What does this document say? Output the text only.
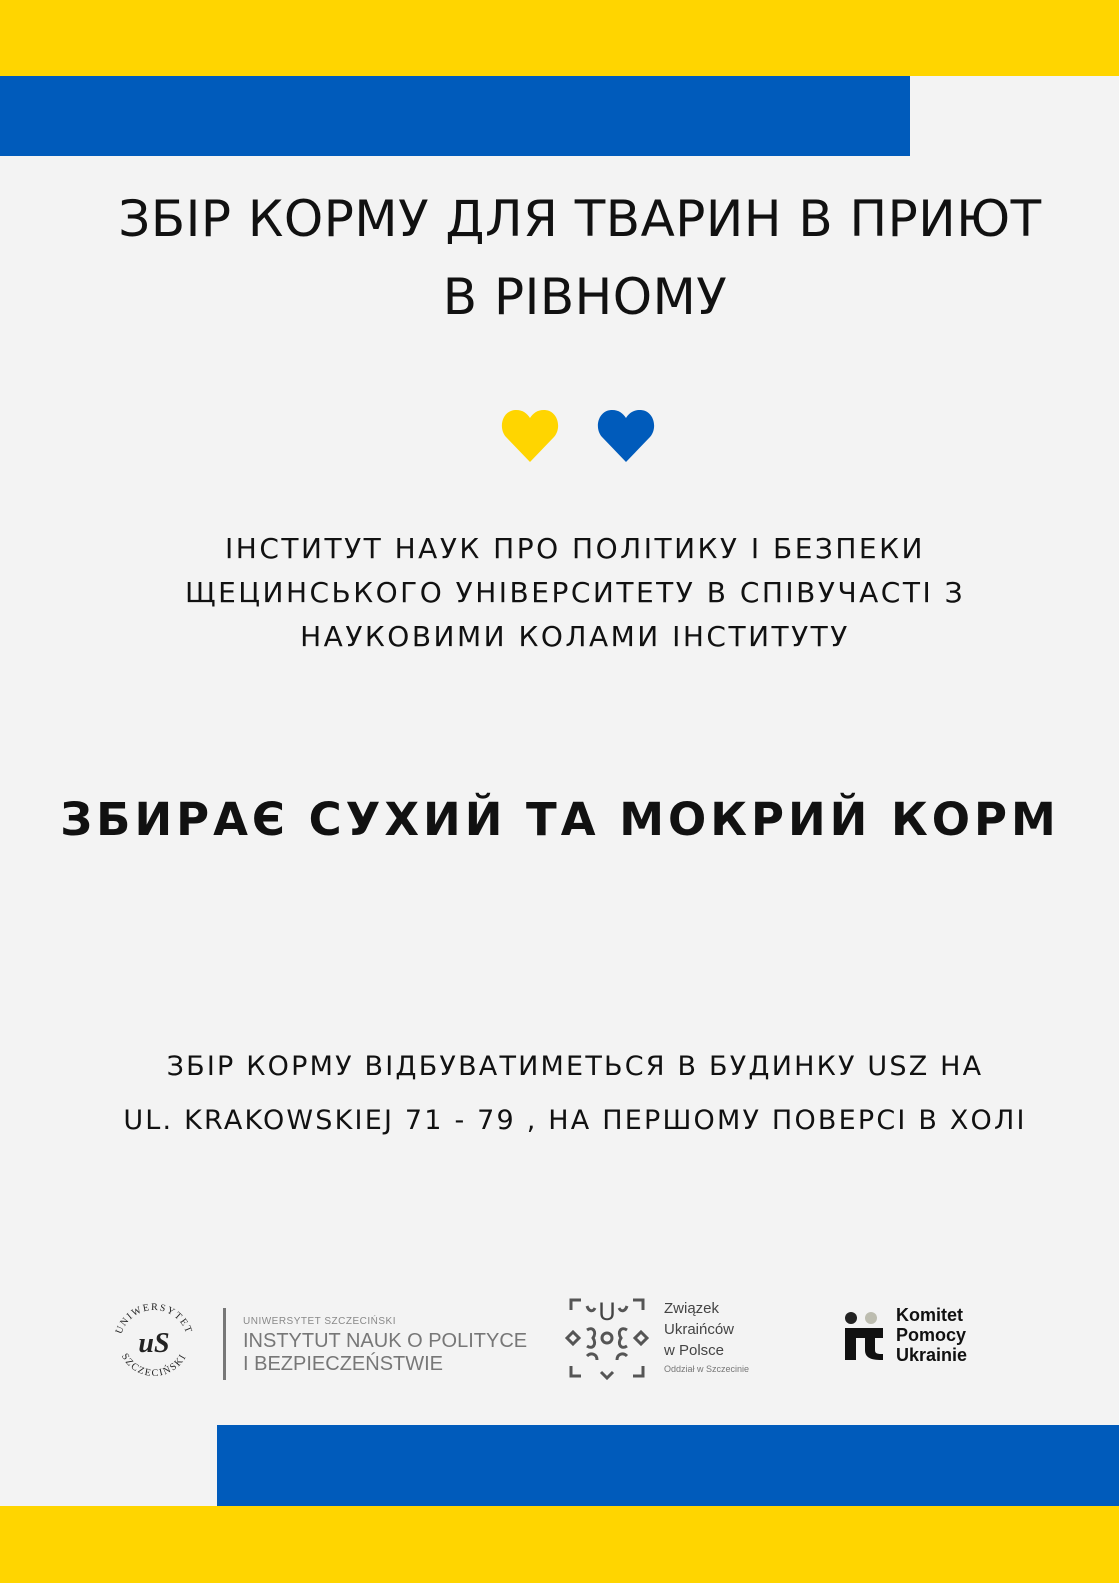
ЗБІР КОРМУ ДЛЯ ТВАРИН В ПРИЮТ
В РІВНОМУ

ІНСТИТУТ НАУК ПРО ПОЛІТИКУ І БЕЗПЕКИ
ЩЕЦИНСЬКОГО УНІВЕРСИТЕТУ В СПІВУЧАСТІ З
НАУКОВИМИ КОЛАМИ ІНСТИТУТУ

ЗБИРАЄ СУХИЙ ТА МОКРИЙ КОРМ

ЗБІР КОРМУ ВІДБУВАТИМЕТЬСЯ В БУДИНКУ USZ НА
UL. KRAKOWSKIEJ 71 - 79 , НА ПЕРШОМУ ПОВЕРСІ В ХОЛІ

UNIWERSYTET
SZCZECIŃSKI
uS
UNIWERSYTET SZCZECIŃSKI
INSTYTUT NAUK O POLITYCE
I BEZPIECZEŃSTWIE
U	Związek
Ukraińców
w Polsce
Oddział w Szczecinie
Komitet
Pomocy
Ukrainie
